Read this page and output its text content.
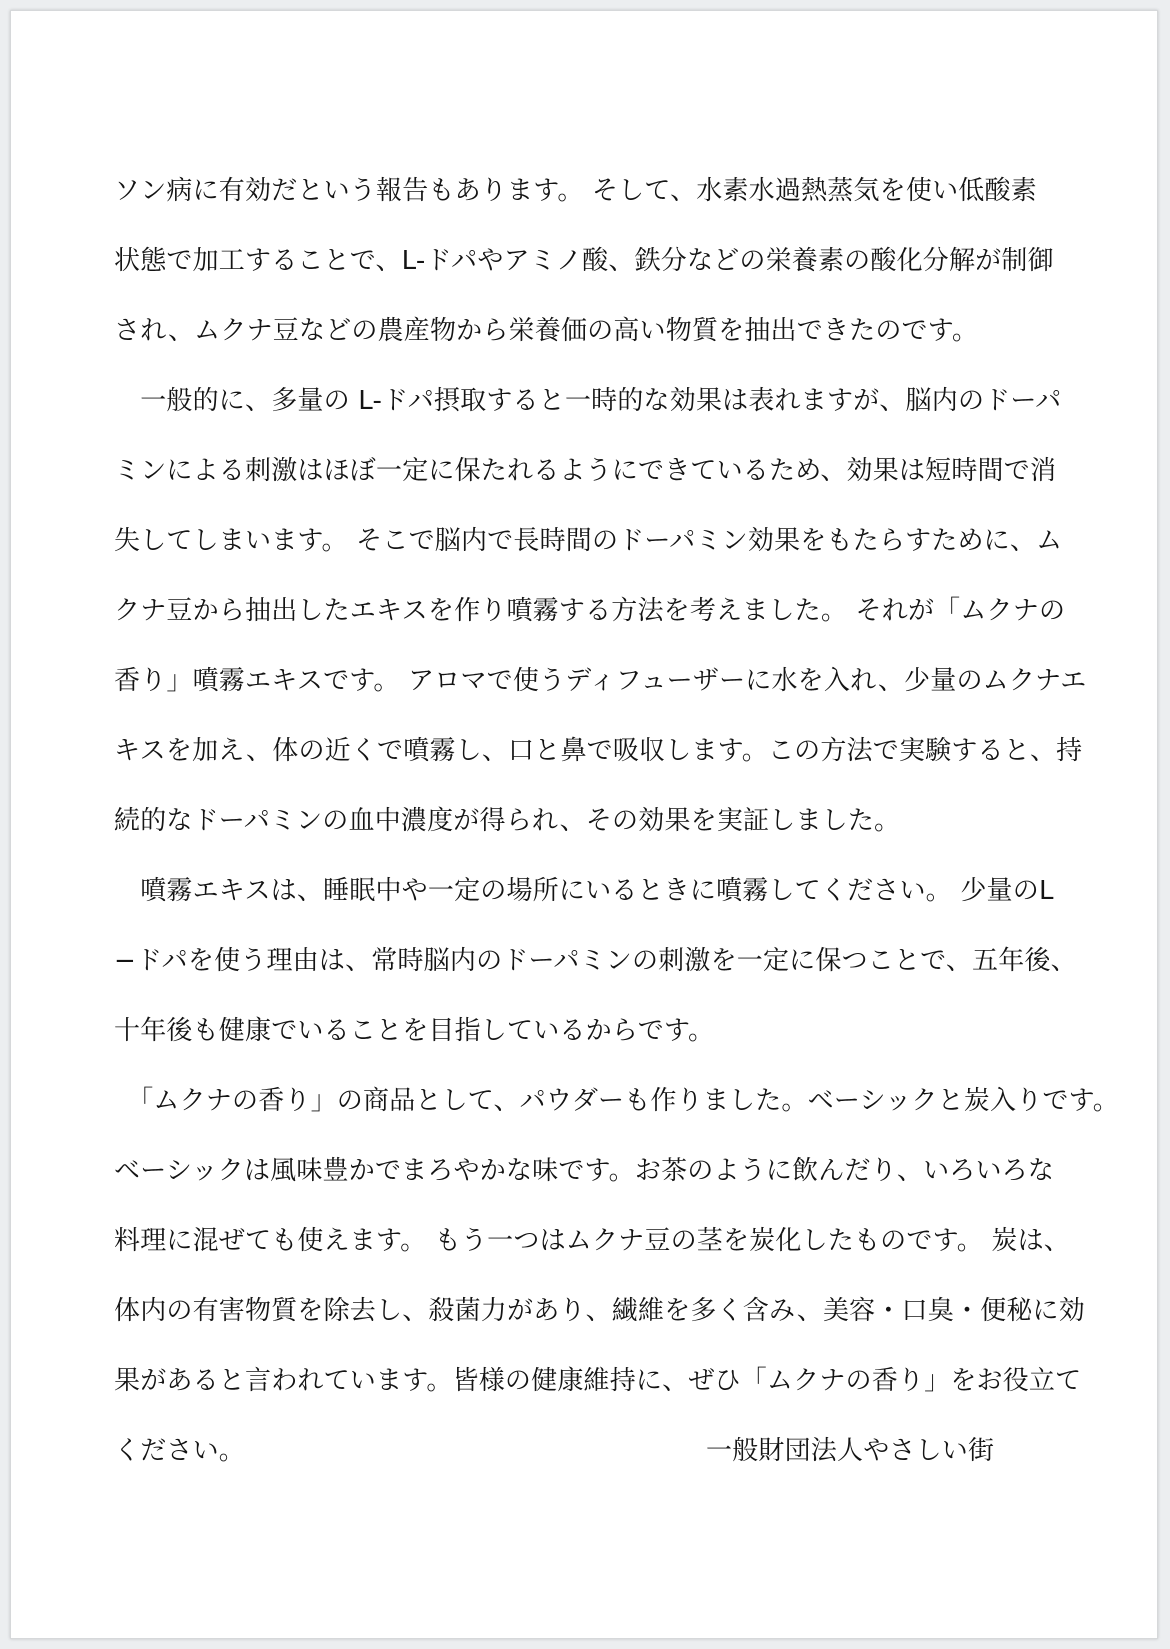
ソン病に有効だという報告もあります。 そして、水素水過熱蒸気を使い低酸素
状態で加工することで、L-ドパやアミノ酸、鉄分などの栄養素の酸化分解が制御
され、ムクナ豆などの農産物から栄養価の高い物質を抽出できたのです。
　一般的に、多量の L-ドパ摂取すると一時的な効果は表れますが、脳内のドーパ
ミンによる刺激はほぼ一定に保たれるようにできているため、効果は短時間で消
失してしまいます。 そこで脳内で長時間のドーパミン効果をもたらすために、ム
クナ豆から抽出したエキスを作り噴霧する方法を考えました。 それが「ムクナの
香り」噴霧エキスです。 アロマで使うディフューザーに水を入れ、少量のムクナエ
キスを加え、体の近くで噴霧し、口と鼻で吸収します。この方法で実験すると、持
続的なドーパミンの血中濃度が得られ、その効果を実証しました。
　噴霧エキスは、睡眠中や一定の場所にいるときに噴霧してください。 少量のL
−ドパを使う理由は、常時脳内のドーパミンの刺激を一定に保つことで、五年後、
十年後も健康でいることを目指しているからです。
　「ムクナの香り」の商品として、パウダーも作りました。ベーシックと炭入りです。
ベーシックは風味豊かでまろやかな味です。お茶のように飲んだり、いろいろな
料理に混ぜても使えます。 もう一つはムクナ豆の茎を炭化したものです。 炭は、
体内の有害物質を除去し、殺菌力があり、繊維を多く含み、美容・口臭・便秘に効
果があると言われています。皆様の健康維持に、ぜひ「ムクナの香り」をお役立て
ください。	一般財団法人やさしい街
